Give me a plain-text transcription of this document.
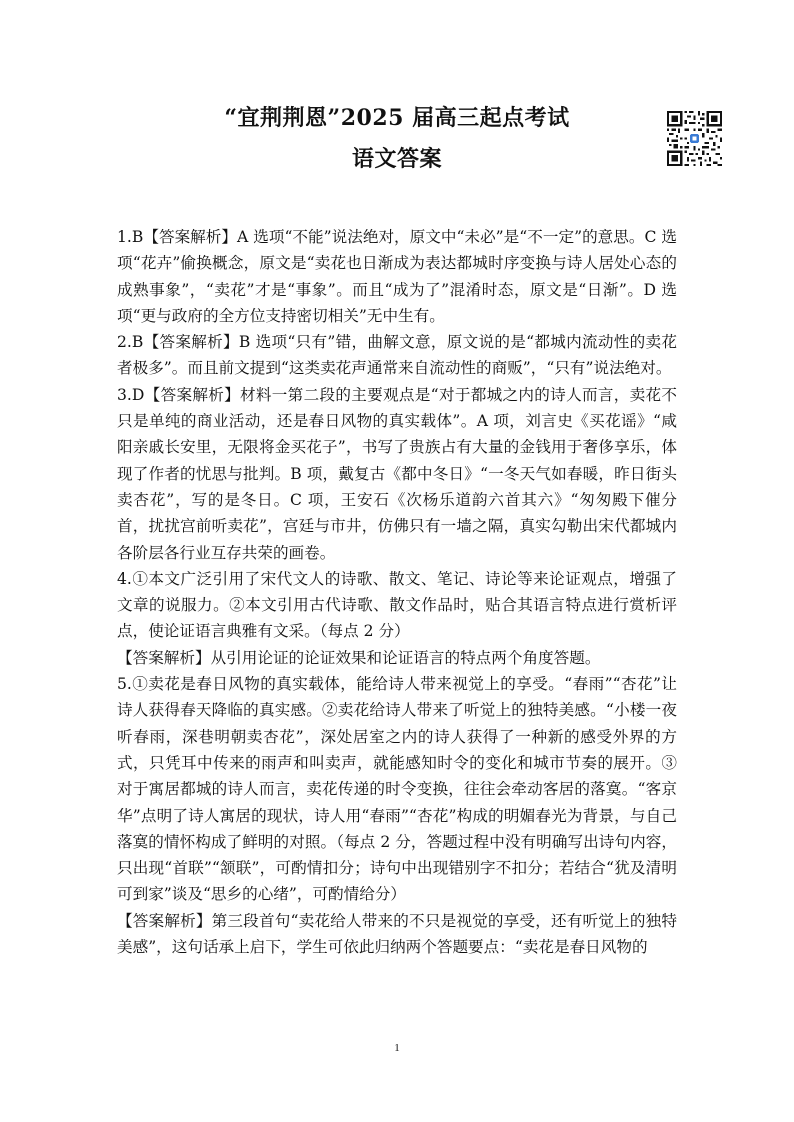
“宜荆荆恩”2025 届高三起点考试
语文答案

1.B【答案解析】A 选项“不能”说法绝对，原文中“未必”是“不一定”的意思。C 选项“花卉”偷换概念，原文是“卖花也日渐成为表达都城时序变换与诗人居处心态的成熟事象”，“卖花”才是“事象”。而且“成为了”混淆时态，原文是“日渐”。D 选项“更与政府的全方位支持密切相关”无中生有。

2.B【答案解析】B 选项“只有”错，曲解文意，原文说的是“都城内流动性的卖花者极多”。而且前文提到“这类卖花声通常来自流动性的商贩”，“只有”说法绝对。

3.D【答案解析】材料一第二段的主要观点是“对于都城之内的诗人而言，卖花不只是单纯的商业活动，还是春日风物的真实载体”。A 项，刘言史《买花谣》“咸阳亲戚长安里，无限将金买花子”，书写了贵族占有大量的金钱用于奢侈享乐，体现了作者的忧思与批判。B 项，戴复古《都中冬日》“一冬天气如春暖，昨日街头卖杏花”，写的是冬日。C 项，王安石《次杨乐道韵六首其六》“匆匆殿下催分首，扰扰宫前听卖花”，宫廷与市井，仿佛只有一墙之隔，真实勾勒出宋代都城内各阶层各行业互存共荣的画卷。

4.①本文广泛引用了宋代文人的诗歌、散文、笔记、诗论等来论证观点，增强了文章的说服力。②本文引用古代诗歌、散文作品时，贴合其语言特点进行赏析评点，使论证语言典雅有文采。（每点 2 分）

【答案解析】从引用论证的论证效果和论证语言的特点两个角度答题。

5.①卖花是春日风物的真实载体，能给诗人带来视觉上的享受。“春雨”“杏花”让诗人获得春天降临的真实感。②卖花给诗人带来了听觉上的独特美感。“小楼一夜听春雨，深巷明朝卖杏花”，深处居室之内的诗人获得了一种新的感受外界的方式，只凭耳中传来的雨声和叫卖声，就能感知时令的变化和城市节奏的展开。③对于寓居都城的诗人而言，卖花传递的时令变换，往往会牵动客居的落寞。“客京华”点明了诗人寓居的现状，诗人用“春雨”“杏花”构成的明媚春光为背景，与自己落寞的情怀构成了鲜明的对照。（每点 2 分，答题过程中没有明确写出诗句内容，只出现“首联”“颔联”，可酌情扣分；诗句中出现错别字不扣分；若结合“犹及清明可到家”谈及“思乡的心绪”，可酌情给分）

【答案解析】第三段首句“卖花给人带来的不只是视觉的享受，还有听觉上的独特美感”，这句话承上启下，学生可依此归纳两个答题要点：“卖花是春日风物的

1
